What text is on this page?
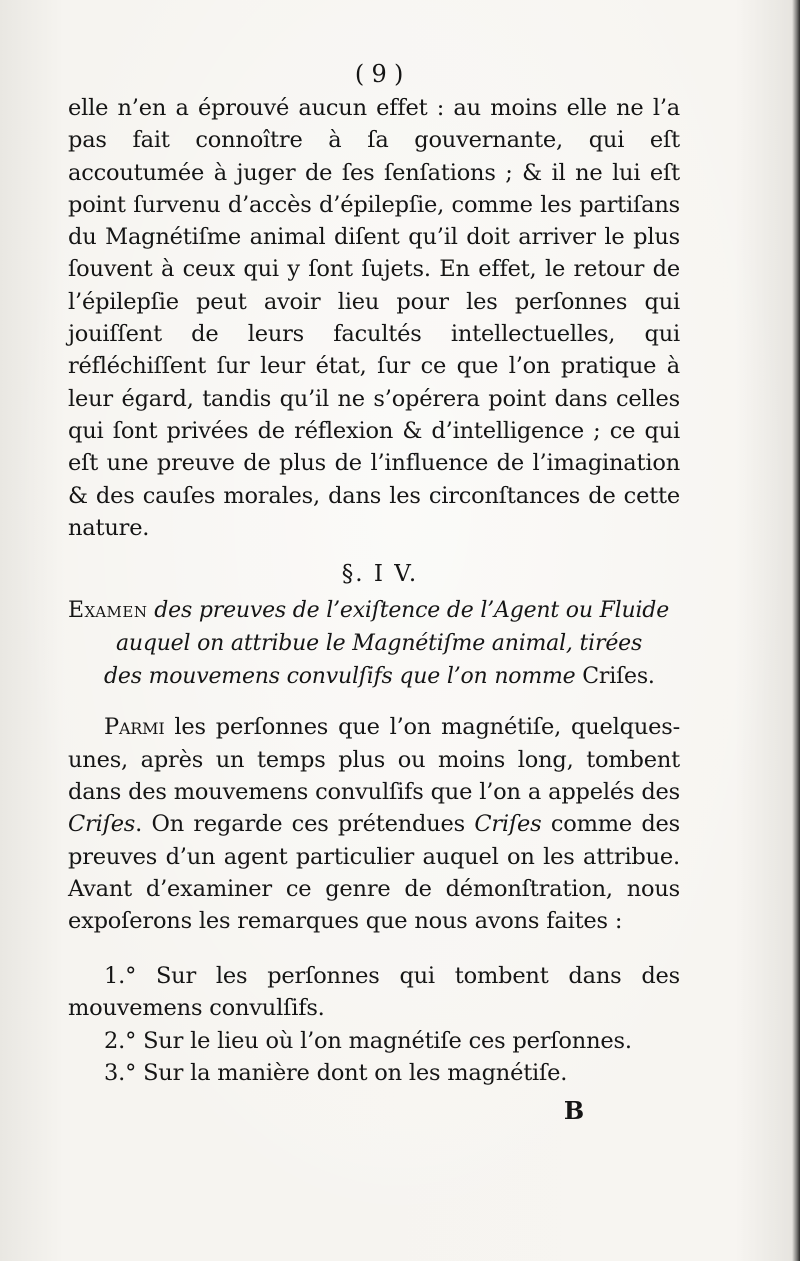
( 9 )

elle n’en a éprouvé aucun effet : au moins elle ne l’a pas fait connoître à ſa gouvernante, qui eſt accoutumée à juger de ſes ſenſations ; & il ne lui eſt point ſurvenu d’accès d’épilepſie, comme les partiſans du Magnétiſme animal diſent qu’il doit arriver le plus ſouvent à ceux qui y ſont ſujets. En effet, le retour de l’épilepſie peut avoir lieu pour les perſonnes qui jouiſſent de leurs facultés intellectuelles, qui réfléchiſſent ſur leur état, ſur ce que l’on pratique à leur égard, tandis qu’il ne s’opérera point dans celles qui ſont privées de réflexion & d’intelligence ; ce qui eſt une preuve de plus de l’influence de l’imagination & des cauſes morales, dans les circonſtances de cette nature.

§. I V.

Examen des preuves de l’exiſtence de l’Agent ou Fluide
auquel on attribue le Magnétiſme animal, tirées
des mouvemens convulſifs que l’on nomme Criſes.

Parmi les perſonnes que l’on magnétiſe, quelques-unes, après un temps plus ou moins long, tombent dans des mouvemens convulſifs que l’on a appelés des Criſes. On regarde ces prétendues Criſes comme des preuves d’un agent particulier auquel on les attribue. Avant d’examiner ce genre de démonſtration, nous expoſerons les remarques que nous avons faites :

1.° Sur les perſonnes qui tombent dans des mouvemens convulſifs.
2.° Sur le lieu où l’on magnétiſe ces perſonnes.
3.° Sur la manière dont on les magnétiſe.
B
